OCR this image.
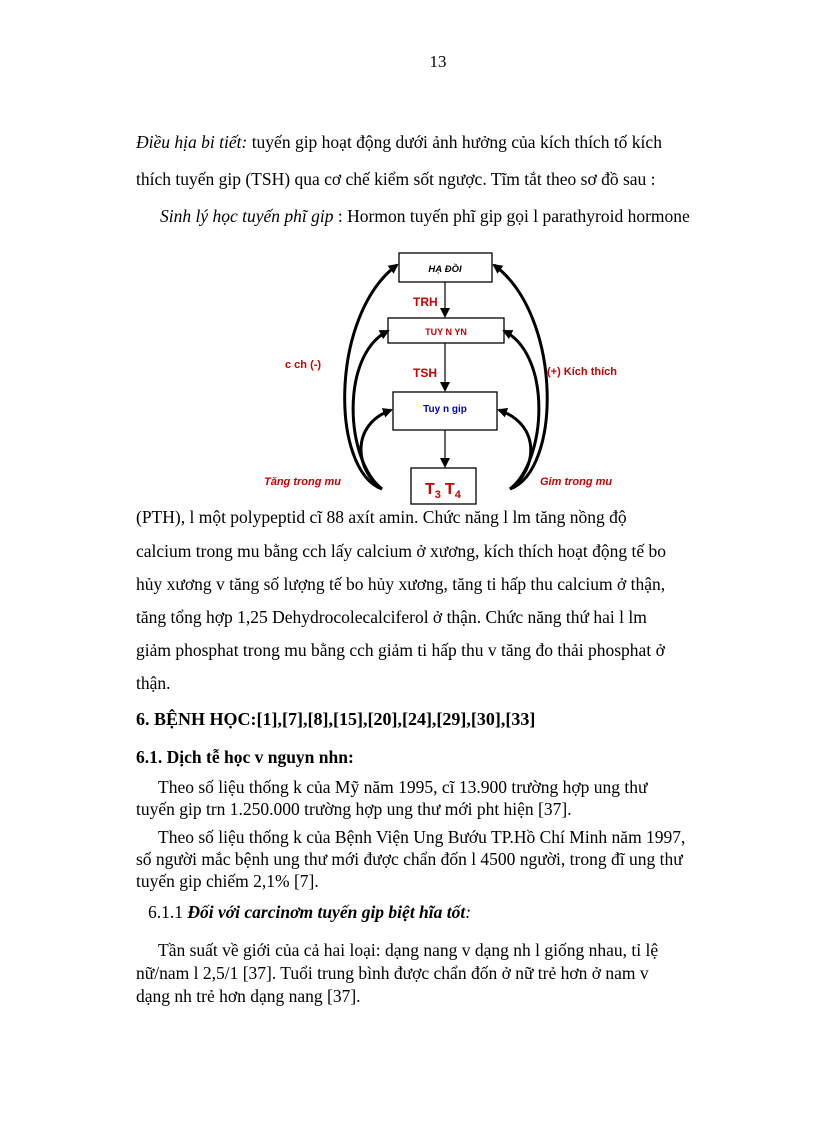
13
Điều hịa bi tiết: tuyến gip hoạt động dưới ảnh hưởng của kích thích tố kích
thích tuyến gip (TSH) qua cơ chế kiểm sốt ngược. Tĩm tắt theo sơ đồ sau :
Sinh lý học tuyến phĩ gip : Hormon tuyến phĩ gip gọi l parathyroid hormone
HẠ ĐỒI
TUY N YN
Tuy n gip
$T_3$ $T_4$
TRH
TSH
c ch (-)
(+) Kích thích
Tăng trong mu	Gim trong mu
(PTH), l một polypeptid cĩ 88 axít amin. Chức năng l lm tăng nồng độ
calcium trong mu bằng cch lấy calcium ở xương, kích thích hoạt động tế bo
hủy xương v tăng số lượng tế bo hủy xương, tăng ti hấp thu calcium ở thận,
tăng tổng hợp 1,25 Dehydrocolecalciferol ở thận. Chức năng thứ hai l lm
giảm phosphat trong mu bằng cch giảm ti hấp thu v tăng đo thải phosphat ở
thận.
6. BỆNH HỌC:[1],[7],[8],[15],[20],[24],[29],[30],[33]
6.1. Dịch tễ học v nguyn nhn:
Theo số liệu thống k của Mỹ năm 1995, cĩ 13.900 trường hợp ung thư
tuyến gip trn 1.250.000 trường hợp ung thư mới pht hiện [37].
Theo số liệu thống k của Bệnh Viện Ung Bướu TP.Hồ Chí Minh năm 1997,
số người mắc bệnh ung thư mới được chẩn đốn l 4500 người, trong đĩ ung thư
tuyến gip chiếm 2,1% [7].
6.1.1 Đối với carcinơm tuyến gip biệt hĩa tốt:
Tần suất về giới của cả hai loại: dạng nang v dạng nh l giống nhau, tỉ lệ
nữ/nam l 2,5/1 [37]. Tuổi trung bình được chẩn đốn ở nữ trẻ hơn ở nam v
dạng nh trẻ hơn dạng nang [37].
